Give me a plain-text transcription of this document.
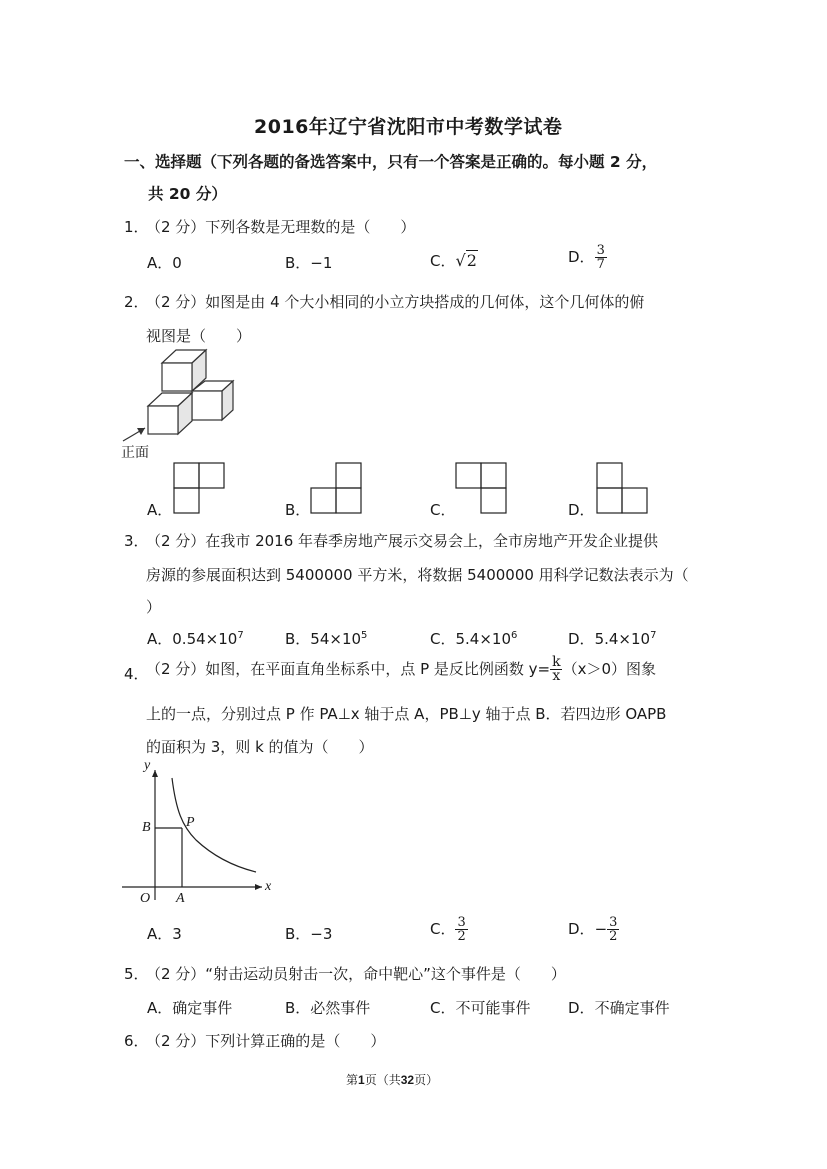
2016年辽宁省沈阳市中考数学试卷
一、选择题（下列各题的备选答案中，只有一个答案是正确的。每小题 2 分，
共 20 分）
1．
（2 分）下列各数是无理数的是（　　）
A．0	B．−1	C．√2	D． $\frac{3}{7}$
2．
（2 分）如图是由 4 个大小相同的小立方块搭成的几何体，这个几何体的俯
视图是（　　）
正面
A．	B．	C．	D．
3．
（2 分）在我市 2016 年春季房地产展示交易会上，全市房地产开发企业提供
房源的参展面积达到 5400000 平方米，将数据 5400000 用科学记数法表示为（
）
A．$0.54\times 10^7$	B．$54\times 10^5$	C．$5.4\times 10^6$	D．$5.4\times 10^7$
4．
（2 分）如图，在平面直角坐标系中，点 P 是反比例函数 $y= \frac{k}{x} (x>0)$图象
上的一点，分别过点 P 作 PA⊥x 轴于点 A，PB⊥y 轴于点 B．若四边形 OAPB
的面积为 3，则 k 的值为（　　）
y
x
O A
B	P
A．3	B．−3	C． $\frac{3}{2}$	D．− $\frac{3}{2}$
5．
（2 分）“射击运动员射击一次，命中靶心”这个事件是（　　）
A．确定事件	B．必然事件	C．不可能事件	D．不确定事件
6．
（2 分）下列计算正确的是（　　）
第1页（共32页）
